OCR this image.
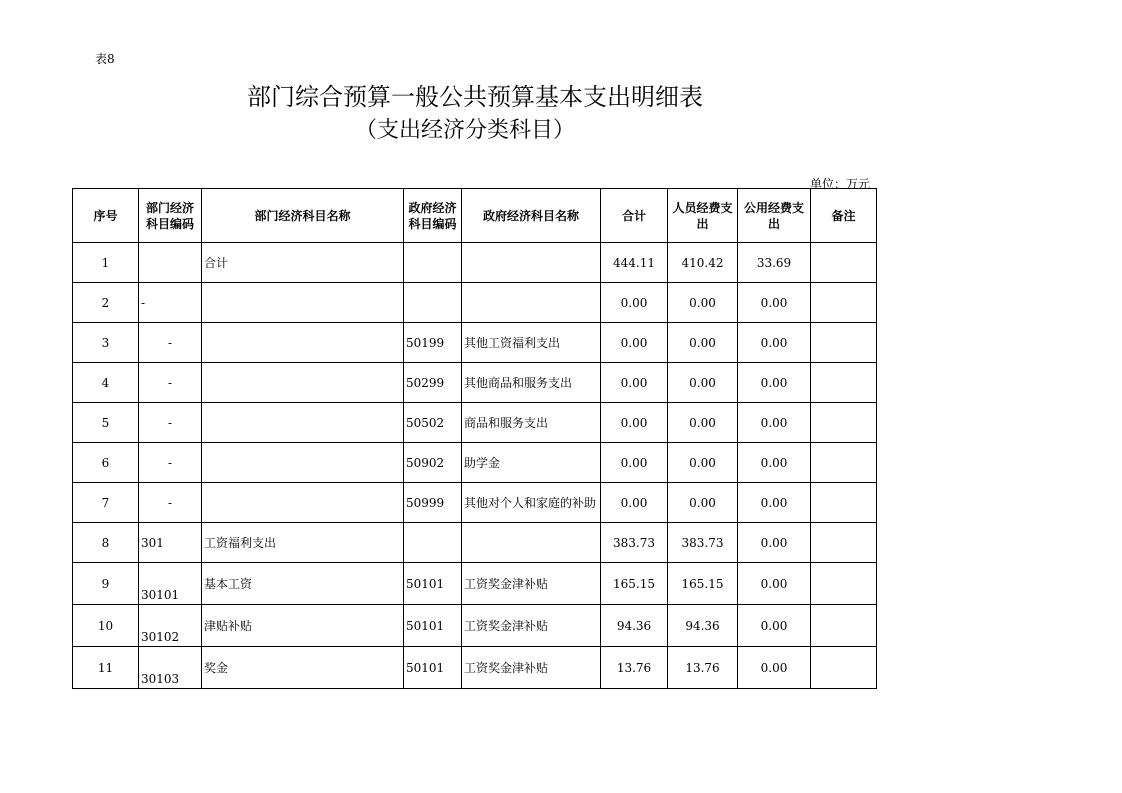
表8
部门综合预算一般公共预算基本支出明细表
（支出经济分类科目）
单位：万元
序号	部门经济科目编码	部门经济科目名称	政府经济科目编码	政府经济科目名称	合计	人员经费支出	公用经费支出	备注
1		合计			444.11	410.42	33.69	
2	-				0.00	0.00	0.00	
3	-		50199	其他工资福利支出	0.00	0.00	0.00	
4	-		50299	其他商品和服务支出	0.00	0.00	0.00	
5	-		50502	商品和服务支出	0.00	0.00	0.00	
6	-		50902	助学金	0.00	0.00	0.00	
7	-		50999	其他对个人和家庭的补助	0.00	0.00	0.00	
8	301	工资福利支出			383.73	383.73	0.00	
9	30101	基本工资	50101	工资奖金津补贴	165.15	165.15	0.00	
10	30102	津贴补贴	50101	工资奖金津补贴	94.36	94.36	0.00	
11	30103	奖金	50101	工资奖金津补贴	13.76	13.76	0.00	
